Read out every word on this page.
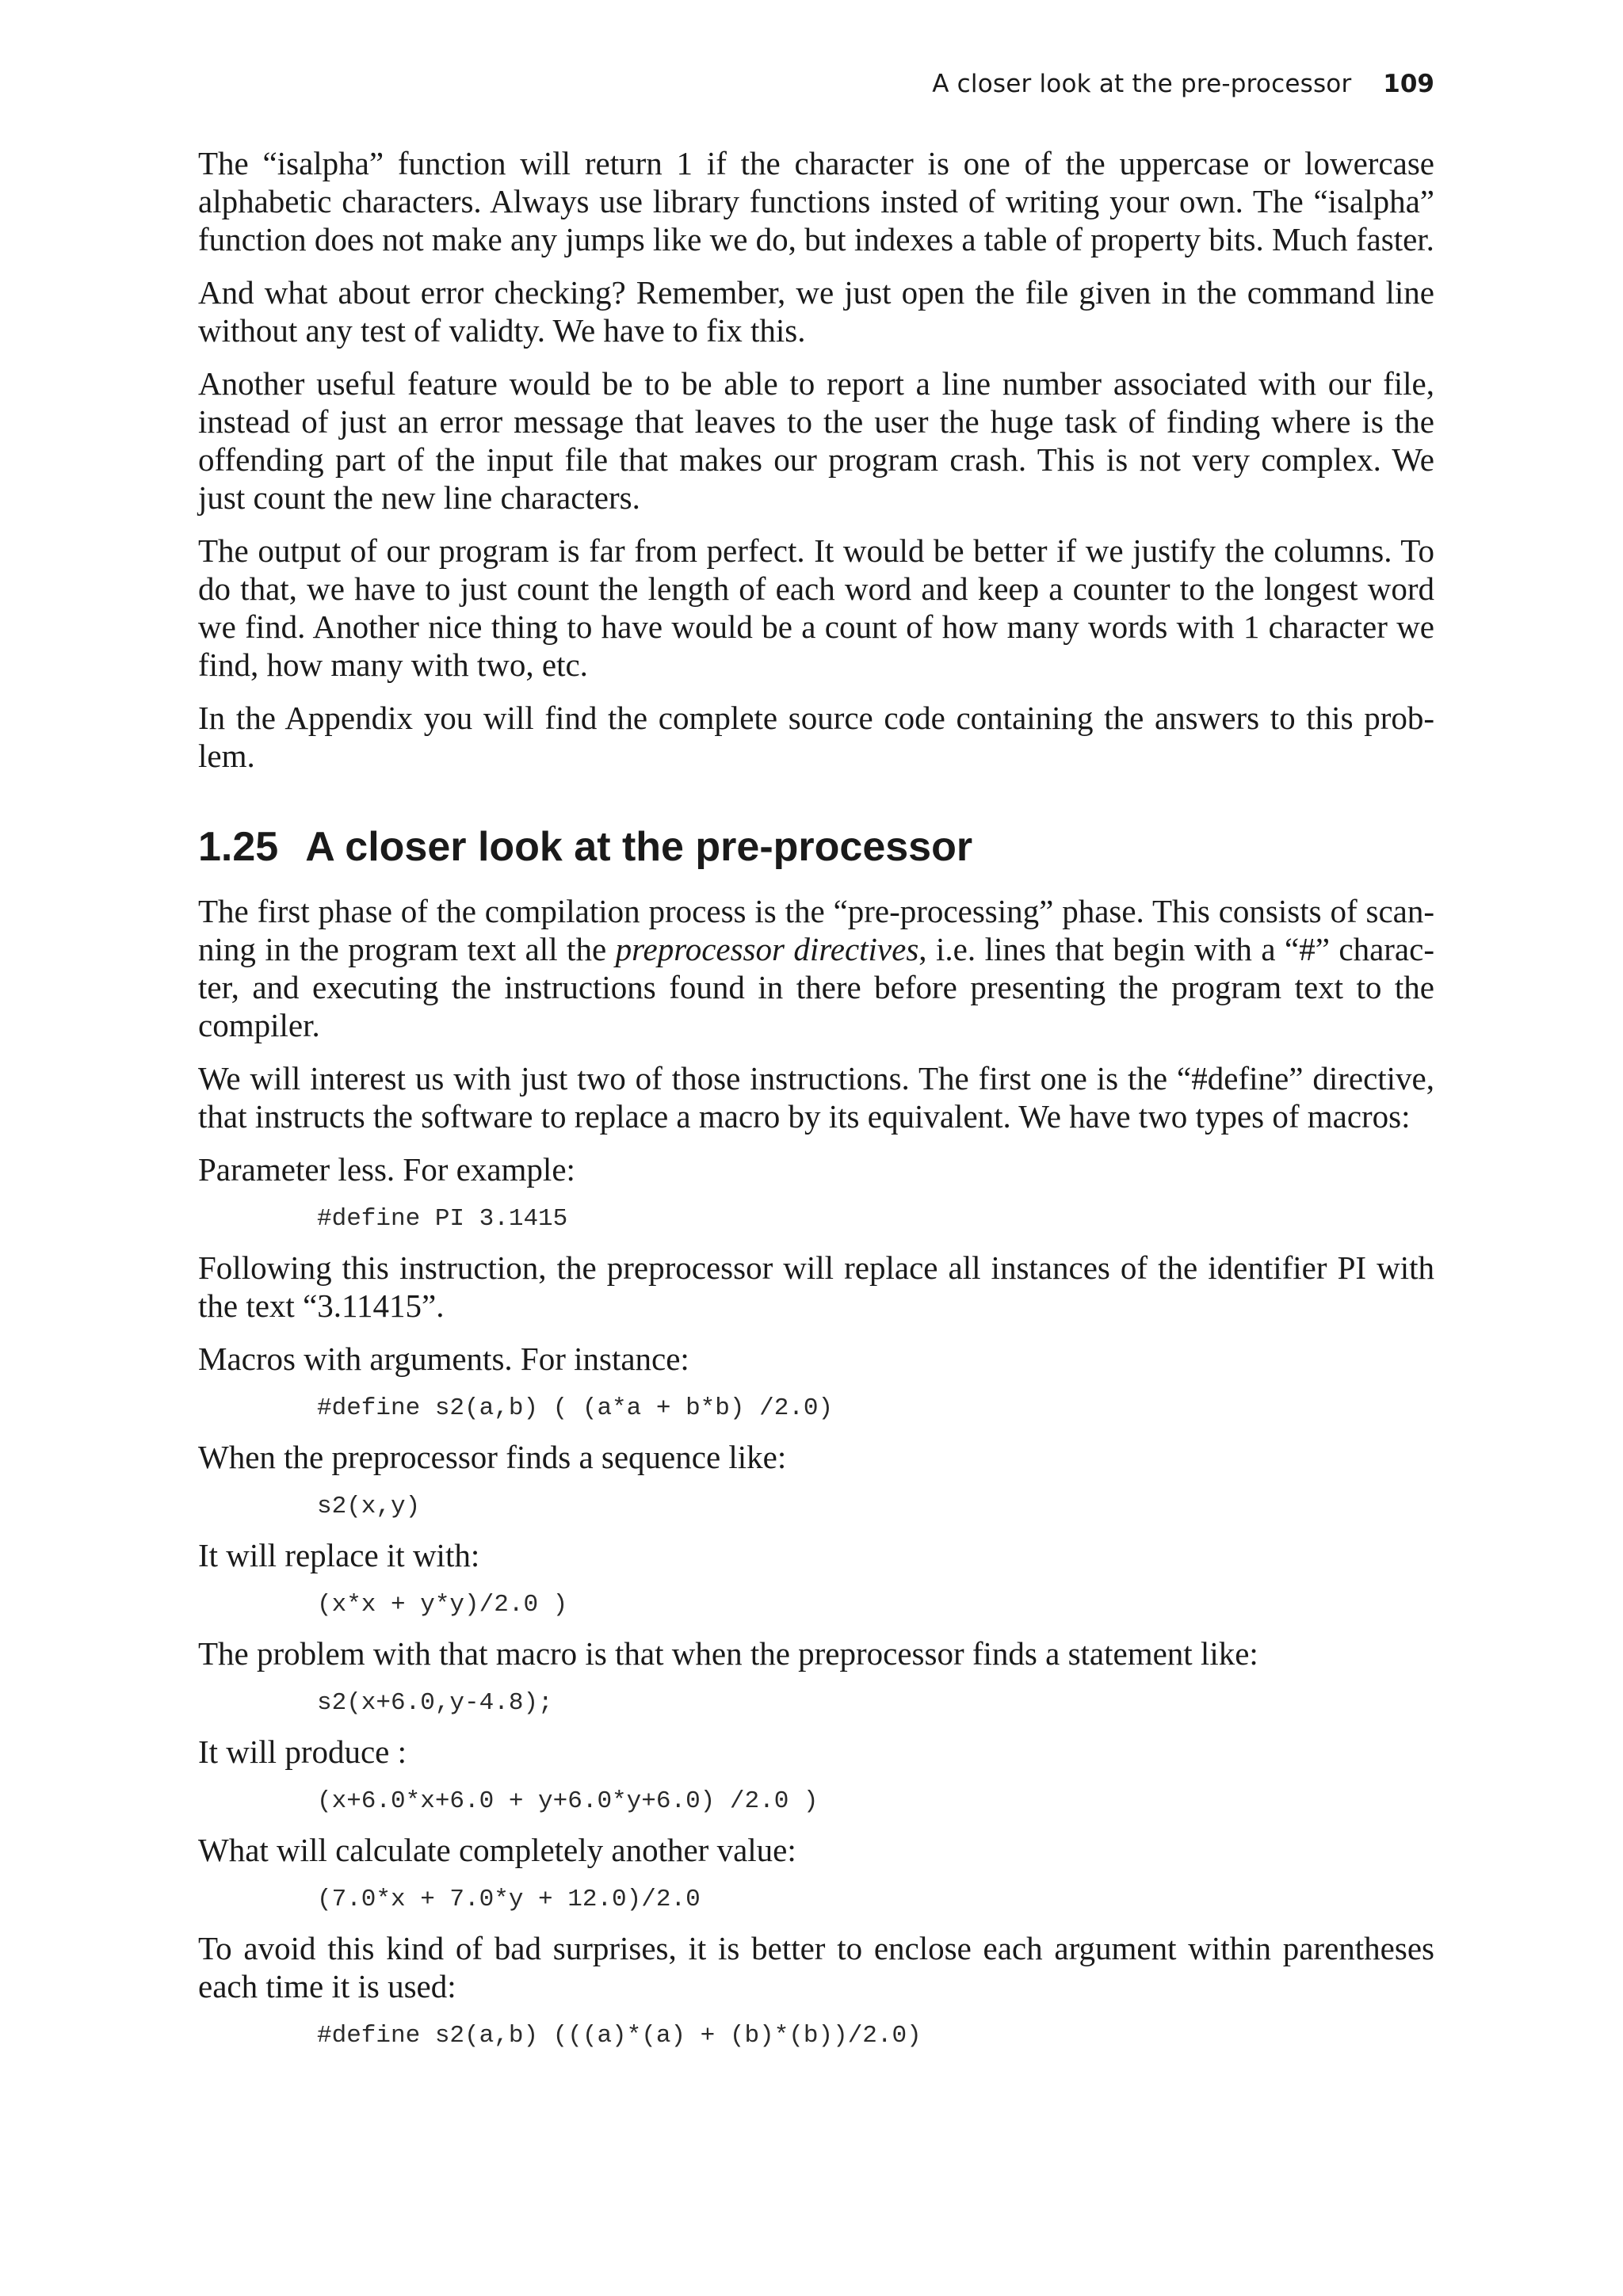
A closer look at the pre-processor 109

The “isalpha” function will return 1 if the character is one of the uppercase or lowercase alphabetic characters. Always use library functions insted of writing your own. The “isalpha” function does not make any jumps like we do, but indexes a table of property bits. Much faster.

And what about error checking? Remember, we just open the file given in the command line without any test of validty. We have to fix this.

Another useful feature would be to be able to report a line number associated with our file, instead of just an error message that leaves to the user the huge task of finding where is the offending part of the input file that makes our program crash. This is not very complex. We just count the new line characters.

The output of our program is far from perfect. It would be better if we justify the columns. To do that, we have to just count the length of each word and keep a counter to the longest word we find. Another nice thing to have would be a count of how many words with 1 character we find, how many with two, etc.

In the Appendix you will find the complete source code containing the answers to this prob-lem.

1.25 A closer look at the pre-processor

The first phase of the compilation process is the “pre-processing” phase. This consists of scan-ning in the program text all the preprocessor directives, i.e. lines that begin with a “#” charac-ter, and executing the instructions found in there before presenting the program text to the compiler.

We will interest us with just two of those instructions. The first one is the “#define” directive, that instructs the software to replace a macro by its equivalent. We have two types of macros:

Parameter less. For example:

#define PI 3.1415

Following this instruction, the preprocessor will replace all instances of the identifier PI with the text “3.11415”.

Macros with arguments. For instance:

#define s2(a,b) ( (a*a + b*b) /2.0)

When the preprocessor finds a sequence like:

s2(x,y)

It will replace it with:

(x*x + y*y)/2.0 )

The problem with that macro is that when the preprocessor finds a statement like:

s2(x+6.0,y-4.8);

It will produce :

(x+6.0*x+6.0 + y+6.0*y+6.0) /2.0 )

What will calculate completely another value:

(7.0*x + 7.0*y + 12.0)/2.0

To avoid this kind of bad surprises, it is better to enclose each argument within parentheses each time it is used:

#define s2(a,b) (((a)*(a) + (b)*(b))/2.0)
